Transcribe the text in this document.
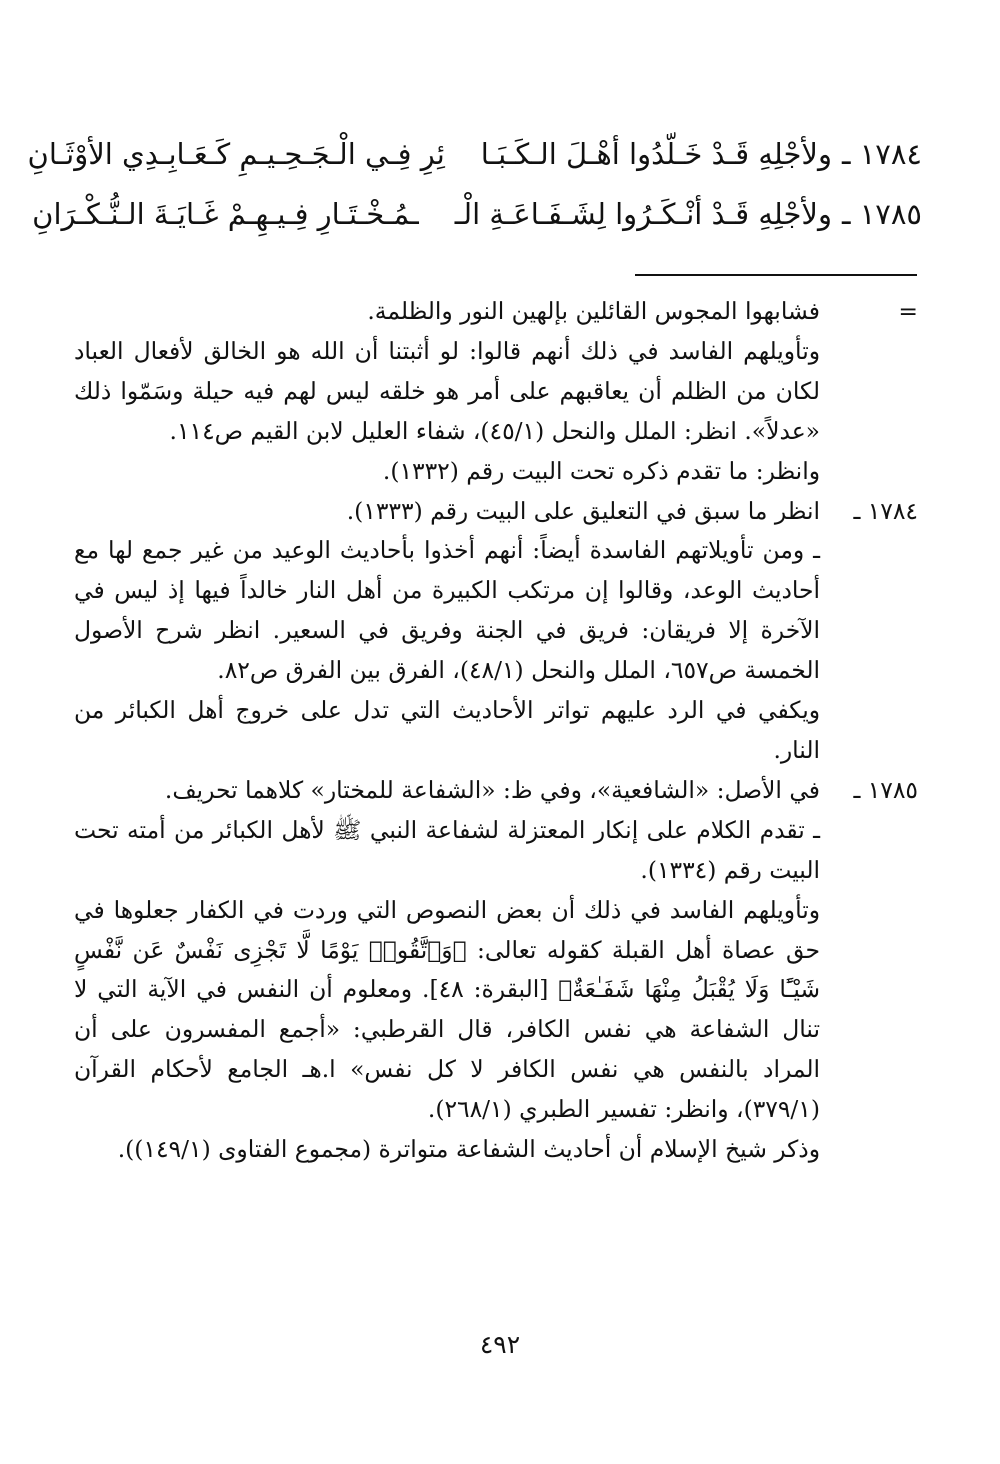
١٧٨٤ ـ
ولأجْلِهِ قَـدْ خَـلّدُوا أهْـلَ الـكَـبَـا
ئِرِ فِـي الْـجَـحِـيـمِ كَـعَـابِـدِي الأوْثَـانِ
١٧٨٥ ـ
ولأجْلِهِ قَـدْ أنْـكَـرُوا لِشَـفَـاعَـةِ الْـ
ـمُـخْـتَـارِ فِـيـهِـمْ غَـايَـةَ الـنُّـكْـرَانِ
=
فشابهوا المجوس القائلين بإلهين النور والظلمة.
وتأويلهم الفاسد في ذلك أنهم قالوا: لو أثبتنا أن الله هو الخالق لأفعال العباد لكان من الظلم أن يعاقبهم على أمر هو خلقه ليس لهم فيه حيلة وسَمّوا ذلك «عدلاً». انظر: الملل والنحل (٤٥/١)، شفاء العليل لابن القيم ص١١٤.
وانظر: ما تقدم ذكره تحت البيت رقم (١٣٣٢).
١٧٨٤ ـ
انظر ما سبق في التعليق على البيت رقم (١٣٣٣).
ـ ومن تأويلاتهم الفاسدة أيضاً: أنهم أخذوا بأحاديث الوعيد من غير جمع لها مع أحاديث الوعد، وقالوا إن مرتكب الكبيرة من أهل النار خالداً فيها إذ ليس في الآخرة إلا فريقان: فريق في الجنة وفريق في السعير. انظر شرح الأصول الخمسة ص٦٥٧، الملل والنحل (٤٨/١)، الفرق بين الفرق ص٨٢.
ويكفي في الرد عليهم تواتر الأحاديث التي تدل على خروج أهل الكبائر من النار.
١٧٨٥ ـ
في الأصل: «الشافعية»، وفي ظ: «الشفاعة للمختار» كلاهما تحريف.
ـ تقدم الكلام على إنكار المعتزلة لشفاعة النبي ﷺ لأهل الكبائر من أمته تحت البيت رقم (١٣٣٤).
وتأويلهم الفاسد في ذلك أن بعض النصوص التي وردت في الكفار جعلوها في حق عصاة أهل القبلة كقوله تعالى: ﴿وَٱتَّقُوا۟ يَوْمًا لَّا تَجْزِى نَفْسٌ عَن نَّفْسٍ شَيْـًٔا وَلَا يُقْبَلُ مِنْهَا شَفَـٰعَةٌ﴾ [البقرة: ٤٨]. ومعلوم أن النفس في الآية التي لا تنال الشفاعة هي نفس الكافر، قال القرطبي: «أجمع المفسرون على أن المراد بالنفس هي نفس الكافر لا كل نفس» ا.هـ الجامع لأحكام القرآن (٣٧٩/١)، وانظر: تفسير الطبري (٢٦٨/١).
وذكر شيخ الإسلام أن أحاديث الشفاعة متواترة (مجموع الفتاوى (١٤٩/١)).
٤٩٢
